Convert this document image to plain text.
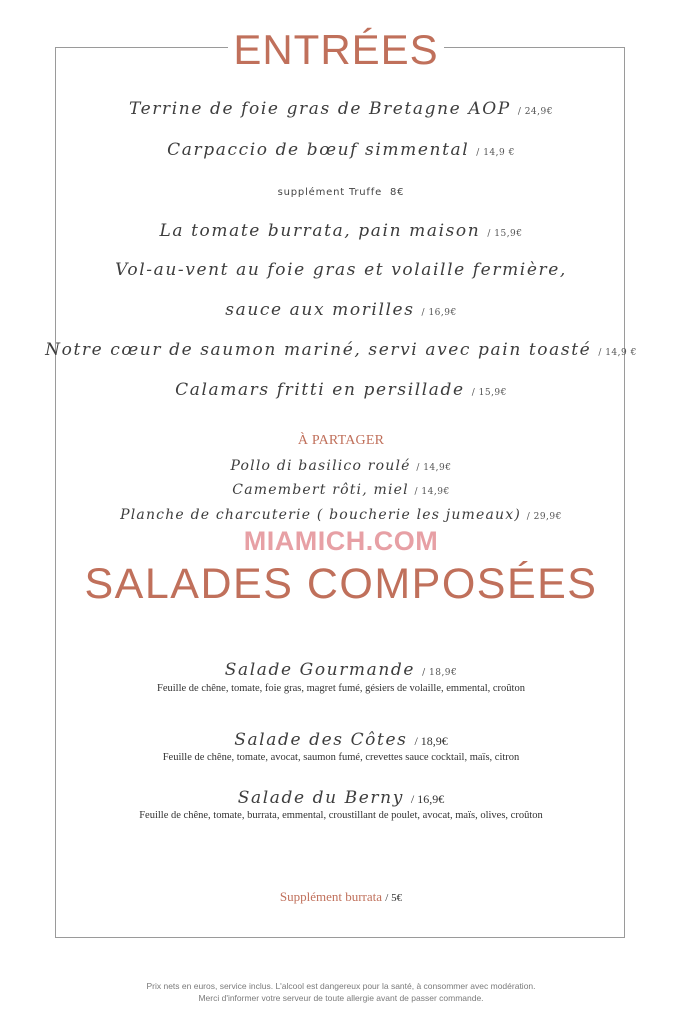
ENTRÉES
Terrine de foie gras de Bretagne AOP / 24,9€
Carpaccio de bœuf simmental / 14,9 €
supplément Truffe 8€
La tomate burrata, pain maison / 15,9€
Vol-au-vent au foie gras et volaille fermière,
sauce aux morilles / 16,9€
Notre cœur de saumon mariné, servi avec pain toasté / 14,9 €
Calamars fritti en persillade / 15,9€
À PARTAGER
Pollo di basilico roulé / 14,9€
Camembert rôti, miel / 14,9€
Planche de charcuterie ( boucherie les jumeaux) / 29,9€
MIAMICH.COM
SALADES COMPOSÉES
Salade Gourmande / 18,9€
Feuille de chêne, tomate, foie gras, magret fumé, gésiers de volaille, emmental, croûton
Salade des Côtes / 18,9€
Feuille de chêne, tomate, avocat, saumon fumé, crevettes sauce cocktail, maïs, citron
Salade du Berny / 16,9€
Feuille de chêne, tomate, burrata, emmental, croustillant de poulet, avocat, maïs, olives, croûton
Supplément burrata / 5€
Prix nets en euros, service inclus. L'alcool est dangereux pour la santé, à consommer avec modération.
Merci d'informer votre serveur de toute allergie avant de passer commande.
